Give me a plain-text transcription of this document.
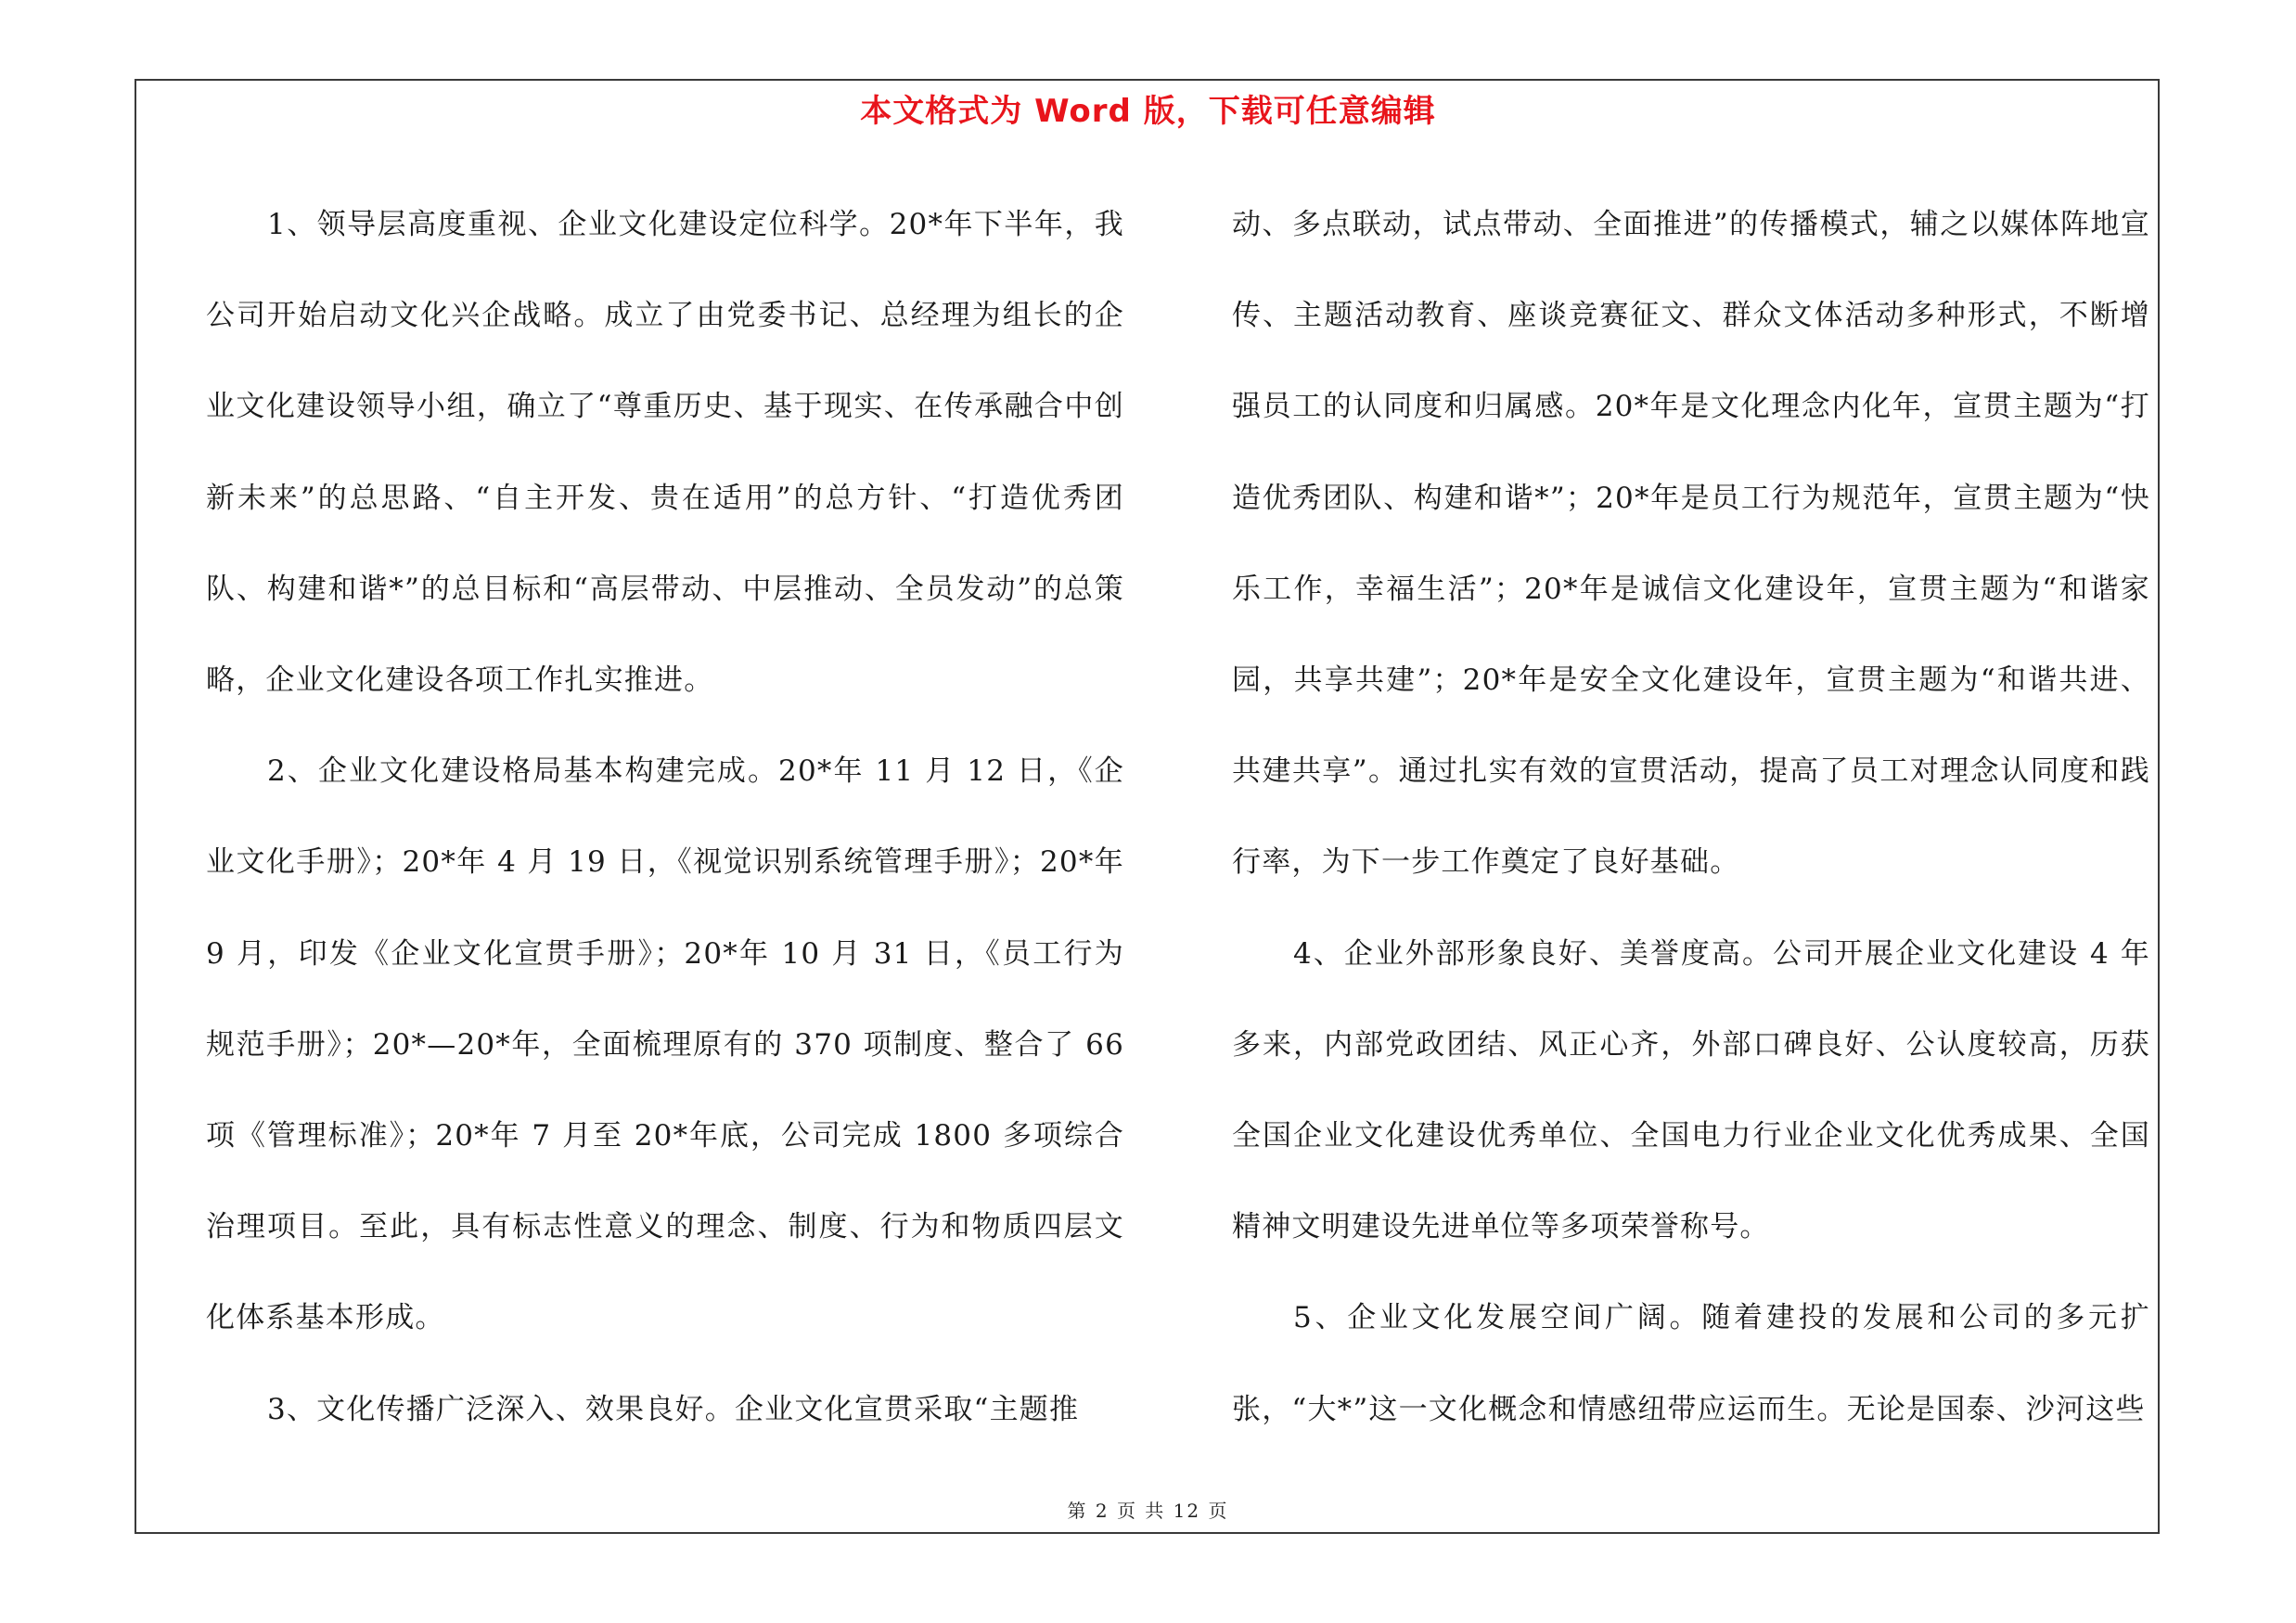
本文格式为 Word 版，下载可任意编辑

1、领导层高度重视、企业文化建设定位科学。20*年下半年，我公司开始启动文化兴企战略。成立了由党委书记、总经理为组长的企业文化建设领导小组，确立了“尊重历史、基于现实、在传承融合中创新未来”的总思路、“自主开发、贵在适用”的总方针、“打造优秀团队、构建和谐*”的总目标和“高层带动、中层推动、全员发动”的总策略，企业文化建设各项工作扎实推进。

2、企业文化建设格局基本构建完成。20*年 11 月 12 日，《企业文化手册》；20*年 4 月 19 日，《视觉识别系统管理手册》；20*年 9 月，印发《企业文化宣贯手册》；20*年 10 月 31 日，《员工行为规范手册》；20*—20*年，全面梳理原有的 370 项制度、整合了 66 项《管理标准》；20*年 7 月至 20*年底，公司完成 1800 多项综合治理项目。至此，具有标志性意义的理念、制度、行为和物质四层文化体系基本形成。

3、文化传播广泛深入、效果良好。企业文化宣贯采取“主题推

动、多点联动，试点带动、全面推进”的传播模式，辅之以媒体阵地宣传、主题活动教育、座谈竞赛征文、群众文体活动多种形式，不断增强员工的认同度和归属感。20*年是文化理念内化年，宣贯主题为“打造优秀团队、构建和谐*”；20*年是员工行为规范年，宣贯主题为“快乐工作，幸福生活”；20*年是诚信文化建设年，宣贯主题为“和谐家园，共享共建”；20*年是安全文化建设年，宣贯主题为“和谐共进、共建共享”。通过扎实有效的宣贯活动，提高了员工对理念认同度和践行率，为下一步工作奠定了良好基础。

4、企业外部形象良好、美誉度高。公司开展企业文化建设 4 年多来，内部党政团结、风正心齐，外部口碑良好、公认度较高，历获全国企业文化建设优秀单位、全国电力行业企业文化优秀成果、全国精神文明建设先进单位等多项荣誉称号。

5、企业文化发展空间广阔。随着建投的发展和公司的多元扩张，“大*”这一文化概念和情感纽带应运而生。无论是国泰、沙河这些

第 2 页 共 12 页
